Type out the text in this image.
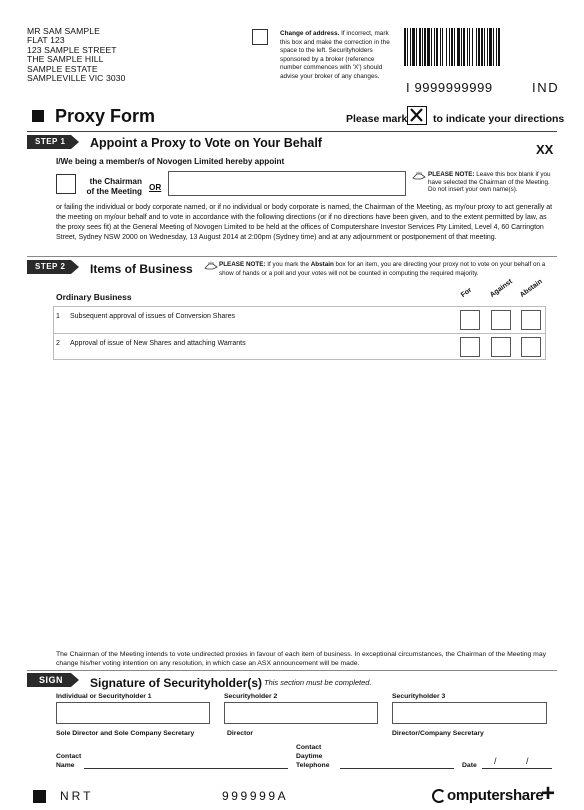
MR SAM SAMPLE
FLAT 123
123 SAMPLE STREET
THE SAMPLE HILL
SAMPLE ESTATE
SAMPLEVILLE VIC 3030
Change of address. If incorrect, mark this box and make the correction in the space to the left. Securityholders sponsored by a broker (reference number commences with 'X') should advise your broker of any changes.
I 9999999999	IND
Proxy Form	Please mark to indicate your directions
STEP 1	Appoint a Proxy to Vote on Your Behalf	XX
I/We being a member/s of Novogen Limited hereby appoint
the Chairman
of the Meeting OR
PLEASE NOTE: Leave this box blank if you have selected the Chairman of the Meeting. Do not insert your own name(s).
or failing the individual or body corporate named, or if no individual or body corporate is named, the Chairman of the Meeting, as my/our proxy to act generally at the meeting on my/our behalf and to vote in accordance with the following directions (or if no directions have been given, and to the extent permitted by law, as the proxy sees fit) at the General Meeting of Novogen Limited to be held at the offices of Computershare Investor Services Pty Limited, Level 4, 60 Carrington Street, Sydney NSW 2000 on Wednesday, 13 August 2014 at 2:00pm (Sydney time) and at any adjournment or postponement of that meeting.
STEP 2	Items of Business	PLEASE NOTE: If you mark the Abstain box for an item, you are directing your proxy not to vote on your behalf on a show of hands or a poll and your votes will not be counted in computing the required majority.
Ordinary Business	For Against Abstain
1 Subsequent approval of issues of Conversion Shares
2 Approval of issue of New Shares and attaching Warrants
The Chairman of the Meeting intends to vote undirected proxies in favour of each item of business. In exceptional circumstances, the Chairman of the Meeting may change his/her voting intention on any resolution, in which case an ASX announcement will be made.
SIGN	Signature of Securityholder(s) This section must be completed.
Individual or Securityholder 1	Securityholder 2	Securityholder 3
Sole Director and Sole Company Secretary	Director	Director/Company Secretary
Contact
Name
Contact
Daytime
Telephone	Date /	/
NRT	999999A	omputershare
+
